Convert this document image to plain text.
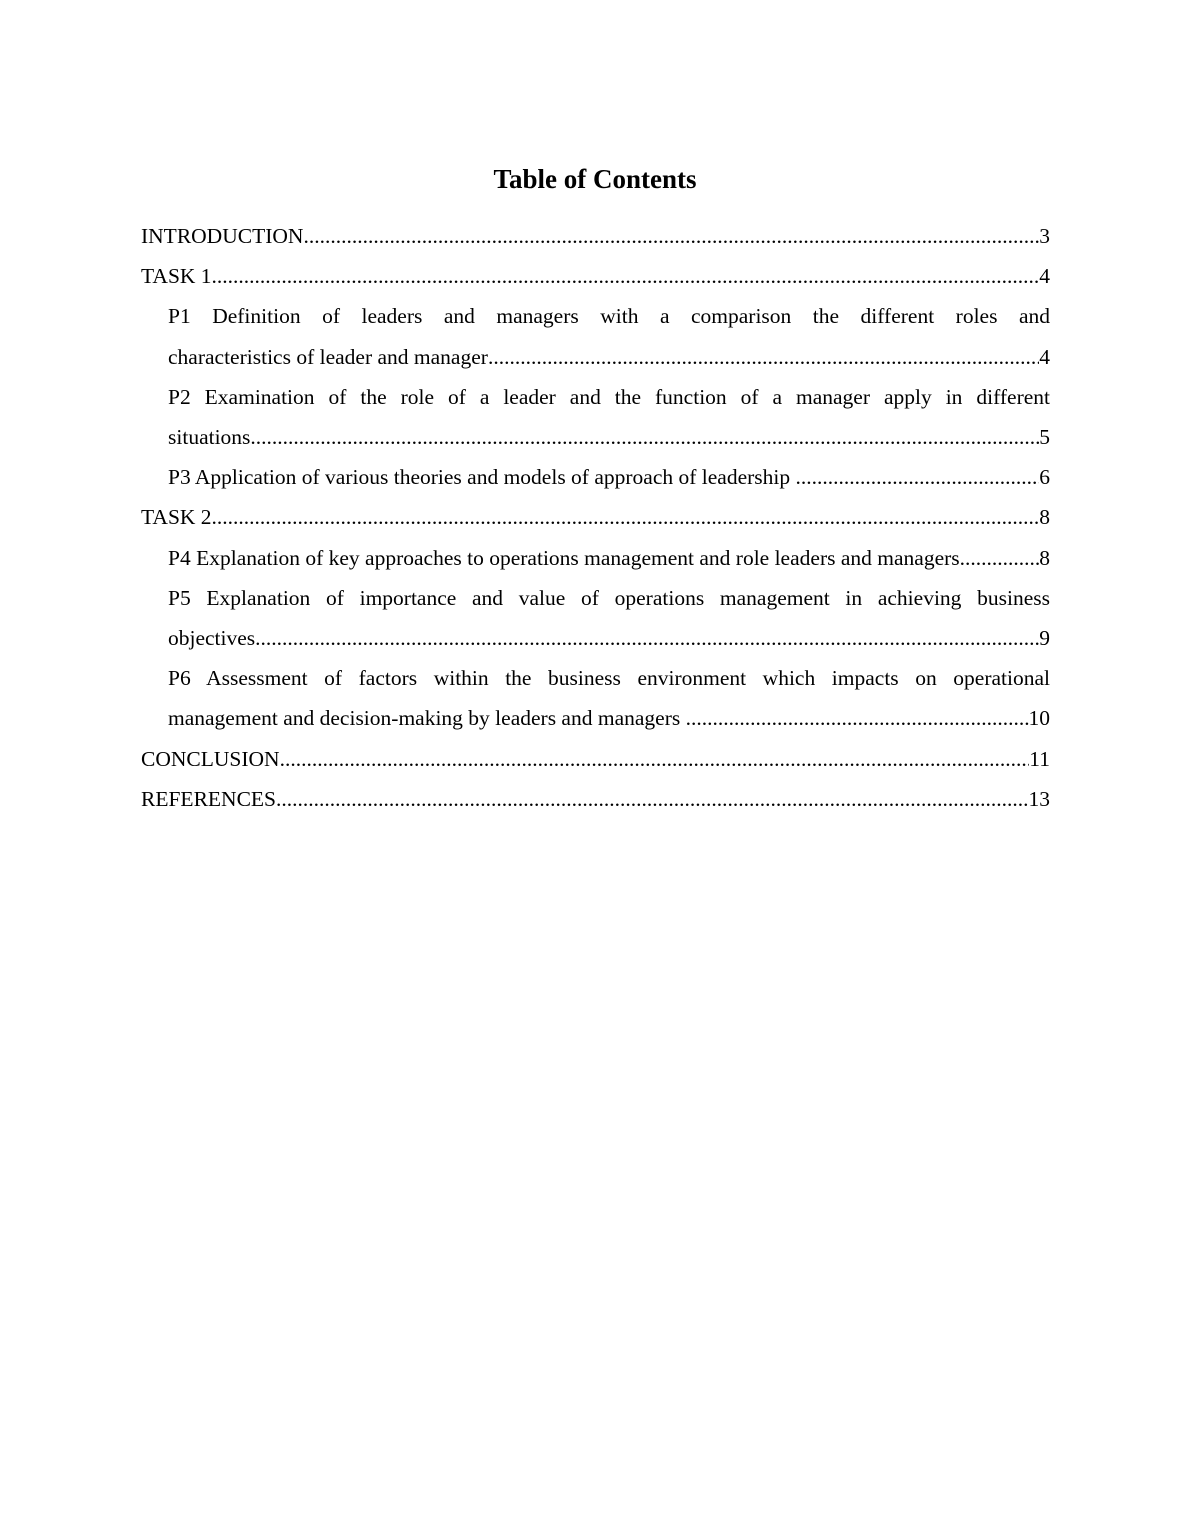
Table of Contents
INTRODUCTION .....	3
TASK 1 .....	4
P1 Definition of leaders and managers with a comparison the different roles and
characteristics of leader and manager .....	4
P2 Examination of the role of a leader and the function of a manager apply in different
situations .....	5
P3 Application of various theories and models of approach of leadership .....	6
TASK 2 .....	8
P4 Explanation of key approaches to operations management and role leaders and managers .....	8
P5 Explanation of importance and value of operations management in achieving business
objectives .....	9
P6 Assessment of factors within the business environment which impacts on operational
management and decision-making by leaders and managers .....	10
CONCLUSION .....	11
REFERENCES .....	13
